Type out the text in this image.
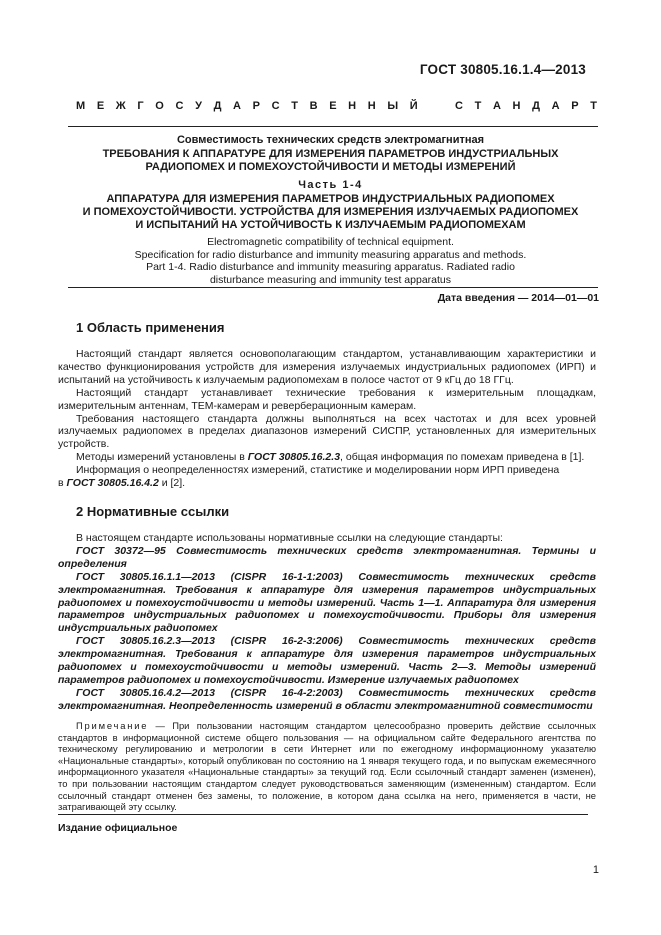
ГОСТ 30805.16.1.4—2013
М Е Ж Г О С У Д А Р С Т В Е Н Н Ы Й	С Т А Н Д А Р Т
Совместимость технических средств электромагнитная
ТРЕБОВАНИЯ К АППАРАТУРЕ ДЛЯ ИЗМЕРЕНИЯ ПАРАМЕТРОВ ИНДУСТРИАЛЬНЫХ
РАДИОПОМЕХ И ПОМЕХОУСТОЙЧИВОСТИ И МЕТОДЫ ИЗМЕРЕНИЙ
Часть 1-4
АППАРАТУРА ДЛЯ ИЗМЕРЕНИЯ ПАРАМЕТРОВ ИНДУСТРИАЛЬНЫХ РАДИОПОМЕХ
И ПОМЕХОУСТОЙЧИВОСТИ. УСТРОЙСТВА ДЛЯ ИЗМЕРЕНИЯ ИЗЛУЧАЕМЫХ РАДИОПОМЕХ
И ИСПЫТАНИЙ НА УСТОЙЧИВОСТЬ К ИЗЛУЧАЕМЫМ РАДИОПОМЕХАМ
Electromagnetic compatibility of technical equipment.
Specification for radio disturbance and immunity measuring apparatus and methods.
Part 1-4. Radio disturbance and immunity measuring apparatus. Radiated radio
disturbance measuring and immunity test apparatus
Дата введения — 2014—01—01
1 Область применения

Настоящий стандарт является основополагающим стандартом, устанавливающим характеристики и качество функционирования устройств для измерения излучаемых индустриальных радиопомех (ИРП) и испытаний на устойчивость к излучаемым радиопомехам в полосе частот от 9 кГц до 18 ГГц.

Настоящий стандарт устанавливает технические требования к измерительным площадкам, измерительным антеннам, ТЕМ-камерам и реверберационным камерам.

Требования настоящего стандарта должны выполняться на всех частотах и для всех уровней излучаемых радиопомех в пределах диапазонов измерений СИСПР, установленных для измерительных устройств.

Методы измерений установлены в ГОСТ 30805.16.2.3, общая информация по помехам приведена в [1].

Информация о неопределенностях измерений, статистике и моделировании норм ИРП приведена

в ГОСТ 30805.16.4.2 и [2].

2 Нормативные ссылки

В настоящем стандарте использованы нормативные ссылки на следующие стандарты:

ГОСТ 30372—95 Совместимость технических средств электромагнитная. Термины и определения

ГОСТ 30805.16.1.1—2013 (CISPR 16-1-1:2003) Совместимость технических средств электромагнитная. Требования к аппаратуре для измерения параметров индустриальных радиопомех и помехоустойчивости и методы измерений. Часть 1—1. Аппаратура для измерения параметров индустриальных радиопомех и помехоустойчивости. Приборы для измерения индустриальных радиопомех

ГОСТ 30805.16.2.3—2013 (CISPR 16-2-3:2006) Совместимость технических средств электромагнитная. Требования к аппаратуре для измерения параметров индустриальных радиопомех и помехоустойчивости и методы измерений. Часть 2—3. Методы измерений параметров радиопомех и помехоустойчивости. Измерение излучаемых радиопомех

ГОСТ 30805.16.4.2—2013 (CISPR 16-4-2:2003) Совместимость технических средств электромагнитная. Неопределенность измерений в области электромагнитной совместимости

Примечание — При пользовании настоящим стандартом целесообразно проверить действие ссылочных стандартов в информационной системе общего пользования — на официальном сайте Федерального агентства по техническому регулированию и метрологии в сети Интернет или по ежегодному информационному указателю «Национальные стандарты», который опубликован по состоянию на 1 января текущего года, и по выпускам ежемесячного информационного указателя «Национальные стандарты» за текущий год. Если ссылочный стандарт заменен (изменен), то при пользовании настоящим стандартом следует руководствоваться заменяющим (измененным) стандартом. Если ссылочный стандарт отменен без замены, то положение, в котором дана ссылка на него, применяется в части, не затрагивающей эту ссылку.

Издание официальное
1
